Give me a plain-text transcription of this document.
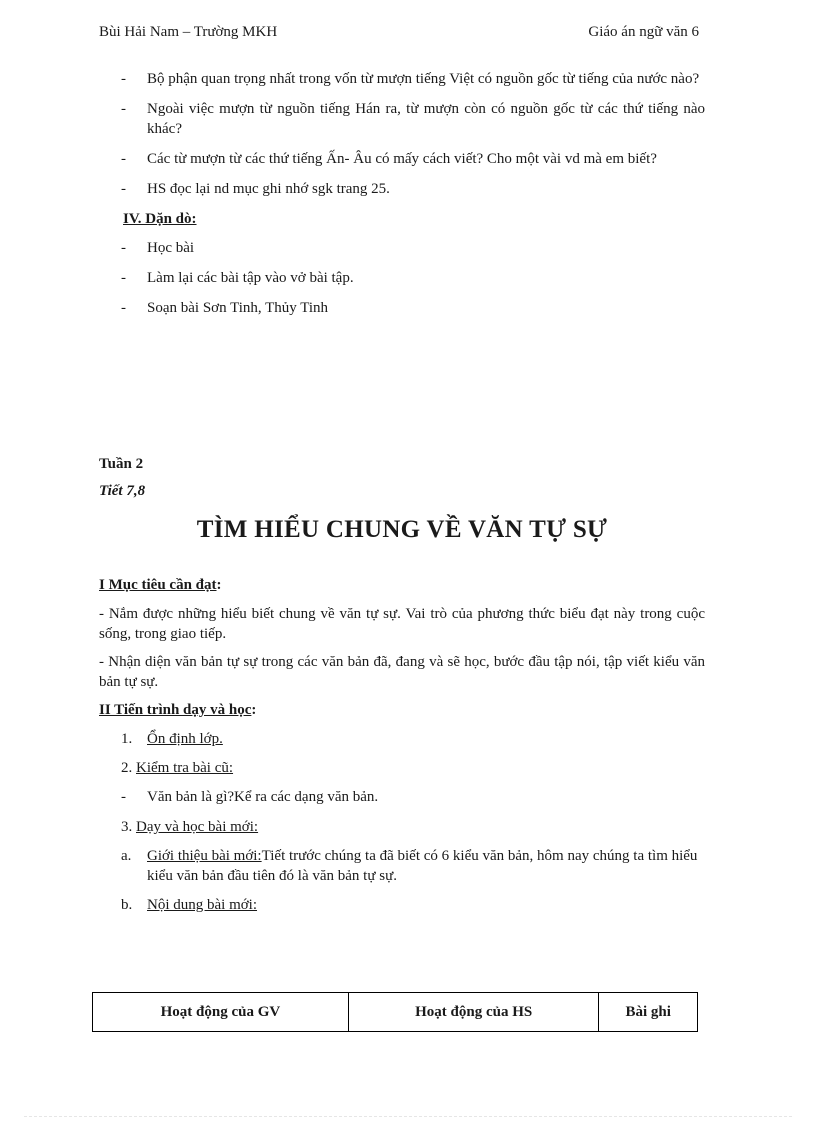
Bùi Hải Nam – Trường MKH	Giáo án ngữ văn 6
- Bộ phận quan trọng nhất trong vốn từ mượn tiếng Việt có nguồn gốc từ tiếng của nước nào?
- Ngoài việc mượn từ nguồn tiếng Hán ra, từ mượn còn có nguồn gốc từ các thứ tiếng nào khác?
- Các từ mượn từ các thứ tiếng Ấn- Âu có mấy cách viết? Cho một vài vd mà em biết?
- HS đọc lại nd mục ghi nhớ sgk trang 25.
IV. Dặn dò:
- Học bài
- Làm lại các bài tập vào vở bài tập.
- Soạn bài Sơn Tinh, Thủy Tinh
Tuần 2
Tiết 7,8
TÌM HIỂU CHUNG VỀ VĂN TỰ SỰ
I Mục tiêu cần đạt:
- Nắm được những hiểu biết chung về văn tự sự. Vai trò của phương thức biểu đạt này trong cuộc sống, trong giao tiếp.
- Nhận diện văn bản tự sự trong các văn bản đã, đang và sẽ học, bước đầu tập nói, tập viết kiểu văn bản tự sự.
II Tiến trình dạy và học:
1. Ổn định lớp.
2. Kiểm tra bài cũ:
- Văn bản là gì?Kể ra các dạng văn bản.
3. Dạy và học bài mới:
a. Giới thiệu bài mới:Tiết trước chúng ta đã biết có 6 kiểu văn bản, hôm nay chúng ta tìm hiểu kiểu văn bản đầu tiên đó là văn bản tự sự.
b. Nội dung bài mới:
Hoạt động của GV	Hoạt động của HS	Bài ghi
